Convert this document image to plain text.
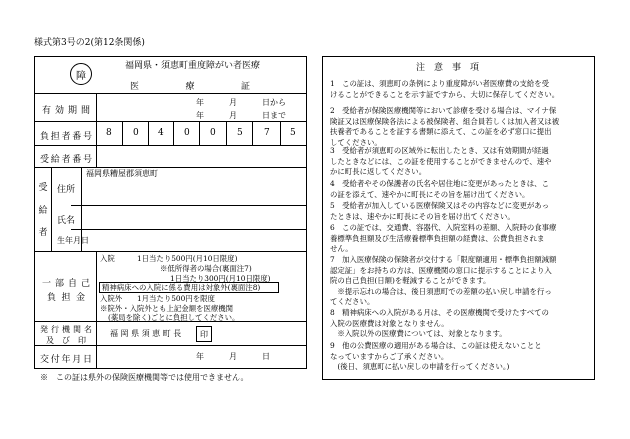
様式第3号の2(第12条関係)
障
福岡県・須恵町重度障がい者医療
医	療	証
有 効 期 間
年	月	日から
年	月	日まで
負 担 者 番 号 8 0 4 0 0 5 7 5
受 給 者 番 号
受
給
者
住 所
福岡県糟屋郡須恵町
氏 名
生年月日
一 部 自 己
負 担 金
入院　　　1日当たり500円(月10日限度)
※低所得者の場合(裏面注7)
1日当たり300円(月10日限度)
精神病床への入院に係る費用は対象外(裏面注8)
入院外　　1月当たり500円を限度
※院外・入院外とも上記金額を医療機関
(薬局を除く)ごとに負担してください。
発 行 機 関 名
及 び 印
福 岡 県 須 恵 町 長 印
交 付 年 月 日	年	月	日
※　この証は県外の保険医療機関等では使用できません。
注　意　事　項
1　この証は、須恵町の条例により重度障がい者医療費の支給を受
けることができることを示す証ですから、大切に保存してください。
2　受給者が保険医療機関等において診療を受ける場合は、マイナ保
険証又は医療保険各法による被保険者、組合員若しくは加入者又は被
扶養者であることを証する書類に添えて、この証を必ず窓口に提出
してください。
3　受給者が須恵町の区域外に転出したとき、又は有効期間が経過
したときなどには、この証を使用することができませんので、速や
かに町長に返してください。
4　受給者やその保護者の氏名や居住地に変更があったときは、こ
の証を添えて、速やかに町長にその旨を届け出てください。
5　受給者が加入している医療保険又はその内容などに変更があっ
たときは、速やかに町長にその旨を届け出てください。
6　この証では、交通費、容器代、入院室料の差額、入院時の食事療
養標準負担額及び生活療養標準負担額の経費は、公費負担されま
せん。
7　加入医療保険の保険者が交付する「限度額適用・標準負担額減額
認定証」をお持ちの方は、医療機関の窓口に提示することにより入
院の自己負担(日額)を軽減することができます。
　※提示忘れの場合は、後日須恵町での差額の払い戻し申請を行っ
てください。
8　精神病床への入院がある月は、その医療機関で受けたすべての
入院の医療費は対象となりません。
　※入院以外の医療費については、対象となります。
9　他の公費医療の適用がある場合は、この証は使えないことと
なっていますからご了承ください。
　(後日、須恵町に払い戻しの申請を行ってください。)
